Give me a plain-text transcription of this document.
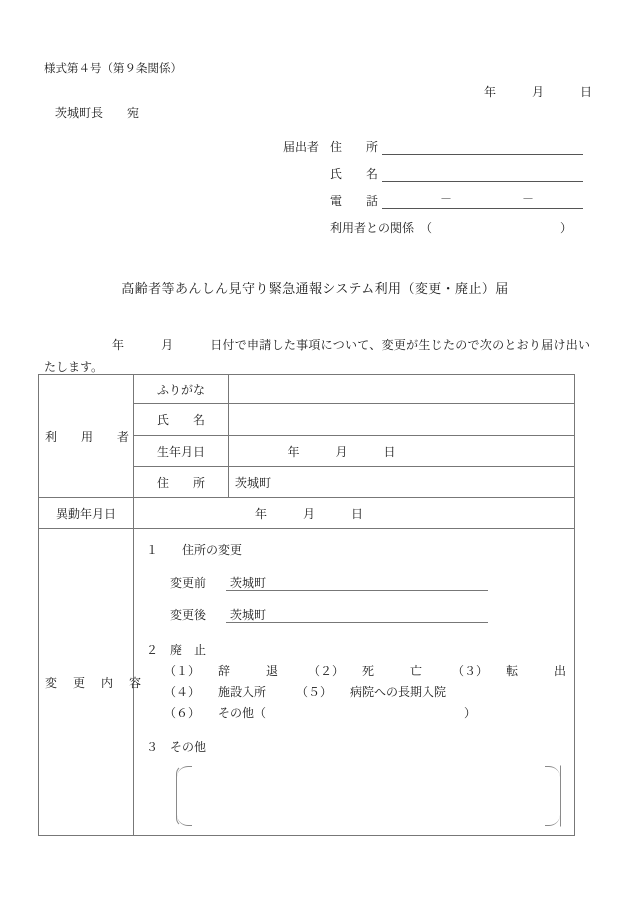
様式第４号（第９条関係）
年　　　月　　　日
茨城町長　　宛
届出者 住　　所
氏　　名
電　　話	－	－
利用者との関係　（	）
高齢者等あんしん見守り緊急通報システム利用（変更・廃止）届
年　　　月　　　日付で申請した事項について、変更が生じたので次のとおり届け出いたします。
利　用　者	ふりがな	
	氏　　名	
	生年月日	年　　　月　　　日

	住　　所	茨城町
異動年月日	年　　　月　　　日	

変　更　内　容	
１　　住所の変更
変更前	茨城町
変更後	茨城町
２　廃　止
（１）　　辞　　　退　　　（２）　　死　　　亡　　　（３）　　転　　　出
（４）　　施設入所　　　（５）　　病院への長期入院
（６）　　その他（	）
３　その他
